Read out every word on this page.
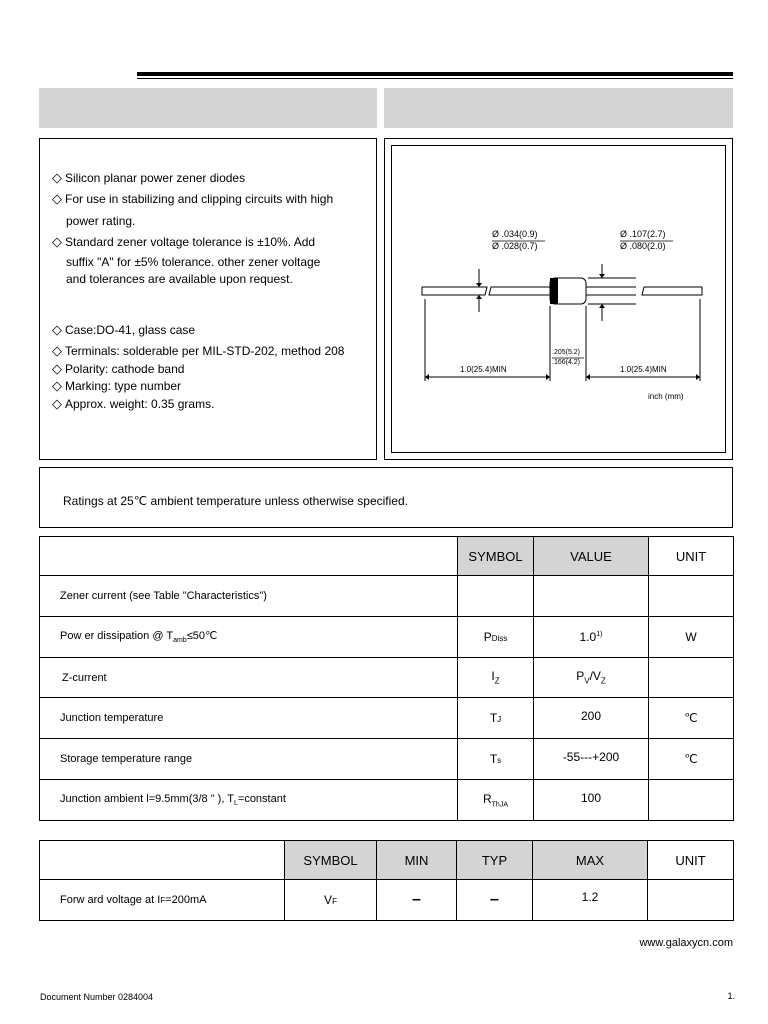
◇ Silicon planar power zener diodes
◇ For use in stabilizing and clipping circuits with high
power rating.
◇ Standard zener voltage tolerance is ±10%. Add
suffix "A" for ±5% tolerance. other zener voltage
and tolerances are available upon request.
◇ Case:DO-41, glass case
◇ Terminals: solderable per MIL-STD-202, method 208
◇ Polarity: cathode band
◇ Marking: type number
◇ Approx. weight: 0.35 grams.
Ø .034(0.9)
Ø .028(0.7)
Ø .107(2.7)
Ø .080(2.0)
1.0(25.4)MIN	1.0(25.4)MIN
.205(5.2)
.166(4.2)
inch (mm)
Ratings at 25℃ ambient temperature unless otherwise specified.
	SYMBOL	VALUE	UNIT
Zener current (see Table "Characteristics")			
Pow er dissipation @ $T_{amb}\le 50℃$	PDiss	1.0$^{1)}$	W
Z-current	$I_Z$	$P_V/V_Z$	
Junction temperature	TJ	200	℃
Storage temperature range	Ts	-55---+200	℃
Junction ambient l=9.5mm(3/8 " ), $T_L=constant$	$R_{ThJA}$	100	
	SYMBOL	MIN	TYP	MAX	UNIT
Forw ard voltage at IF=200mA	VF	–	–	1.2	
www.galaxycn.com
Document Number 0284004	1.
